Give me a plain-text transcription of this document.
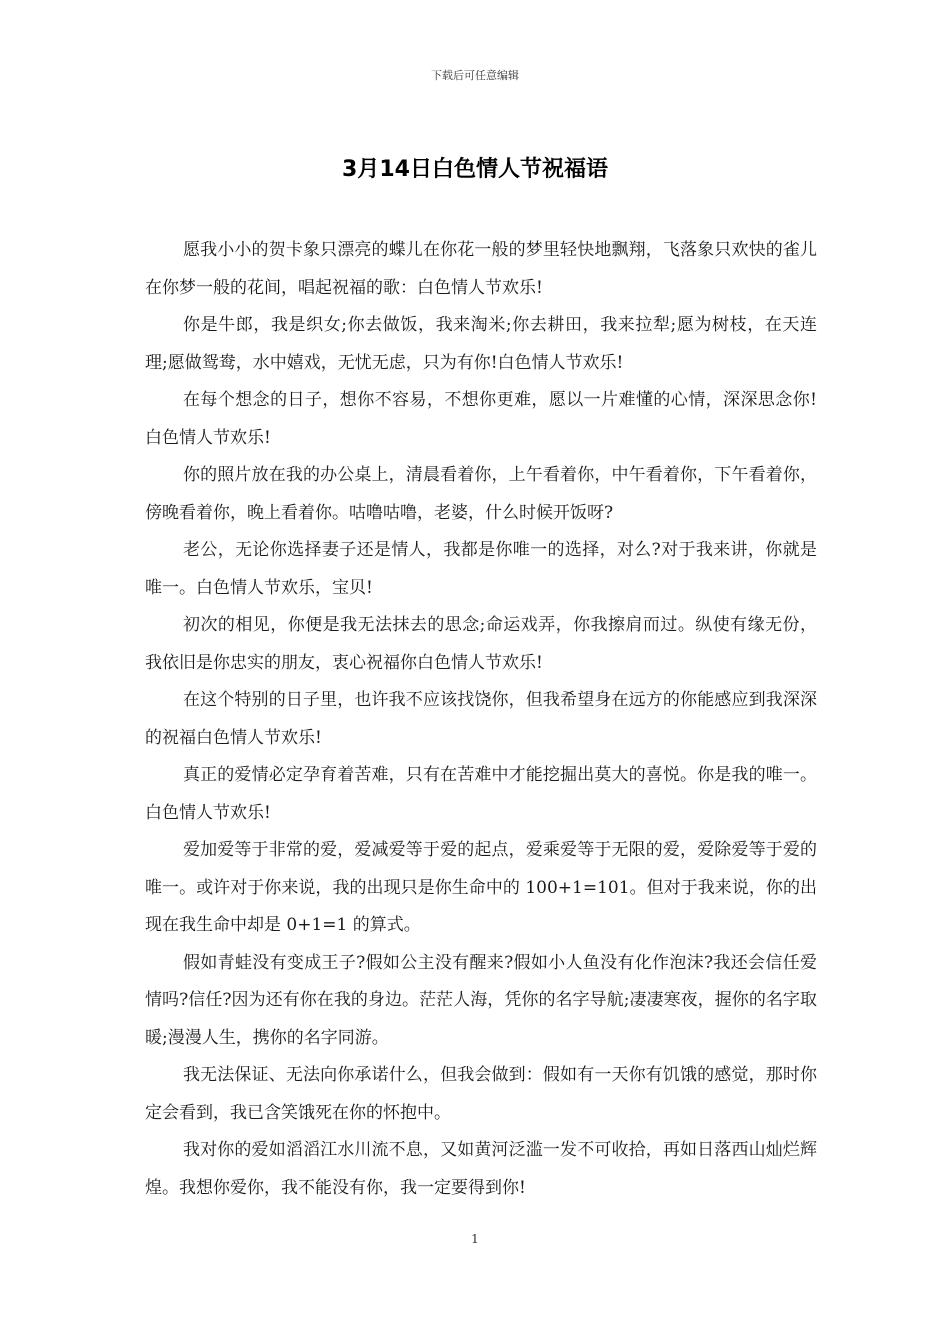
下载后可任意编辑
3月14日白色情人节祝福语

愿我小小的贺卡象只漂亮的蝶儿在你花一般的梦里轻快地飘翔，飞落象只欢快的雀儿在你梦一般的花间，唱起祝福的歌：白色情人节欢乐!

你是牛郎，我是织女;你去做饭，我来淘米;你去耕田，我来拉犁;愿为树枝，在天连理;愿做鸳鸯，水中嬉戏，无忧无虑，只为有你!白色情人节欢乐!

在每个想念的日子，想你不容易，不想你更难，愿以一片难懂的心情，深深思念你!白色情人节欢乐!

你的照片放在我的办公桌上，清晨看着你，上午看着你，中午看着你，下午看着你，傍晚看着你，晚上看着你。咕噜咕噜，老婆，什么时候开饭呀?

老公，无论你选择妻子还是情人，我都是你唯一的选择，对么?对于我来讲，你就是唯一。白色情人节欢乐，宝贝!

初次的相见，你便是我无法抹去的思念;命运戏弄，你我擦肩而过。纵使有缘无份，我依旧是你忠实的朋友，衷心祝福你白色情人节欢乐!

在这个特别的日子里，也许我不应该找饶你，但我希望身在远方的你能感应到我深深的祝福白色情人节欢乐!

真正的爱情必定孕育着苦难，只有在苦难中才能挖掘出莫大的喜悦。你是我的唯一。白色情人节欢乐!

爱加爱等于非常的爱，爱减爱等于爱的起点，爱乘爱等于无限的爱，爱除爱等于爱的唯一。或许对于你来说，我的出现只是你生命中的 100+1=101。但对于我来说，你的出现在我生命中却是 0+1=1 的算式。

假如青蛙没有变成王子?假如公主没有醒来?假如小人鱼没有化作泡沫?我还会信任爱情吗?信任?因为还有你在我的身边。茫茫人海，凭你的名字导航;凄凄寒夜，握你的名字取暖;漫漫人生，携你的名字同游。

我无法保证、无法向你承诺什么，但我会做到：假如有一天你有饥饿的感觉，那时你定会看到，我已含笑饿死在你的怀抱中。

我对你的爱如滔滔江水川流不息，又如黄河泛滥一发不可收拾，再如日落西山灿烂辉煌。我想你爱你，我不能没有你，我一定要得到你!

1
